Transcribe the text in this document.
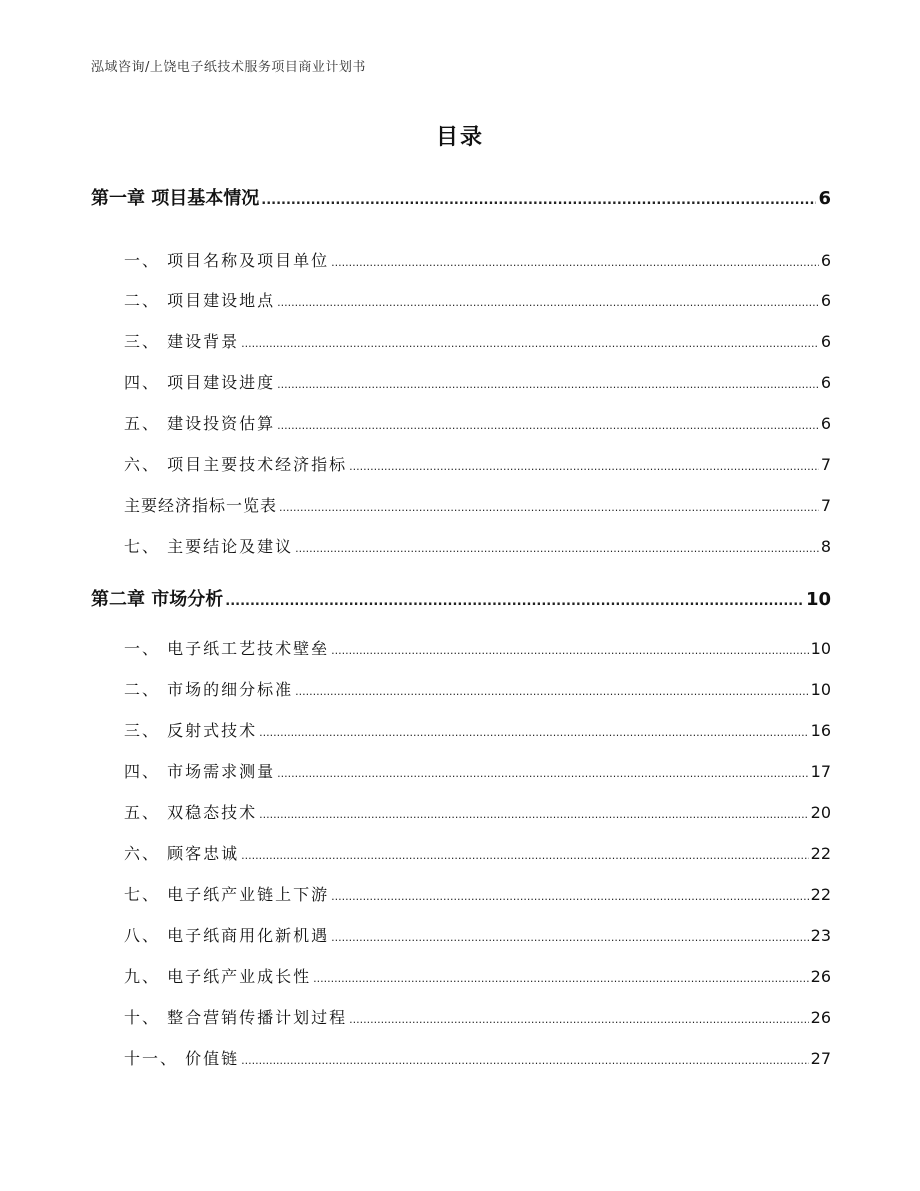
泓域咨询/上饶电子纸技术服务项目商业计划书
目录
第一章 项目基本情况 .....	6
一、 项目名称及项目单位 .....	6
二、 项目建设地点 .....	6
三、 建设背景 .....	6
四、 项目建设进度 .....	6
五、 建设投资估算 .....	6
六、 项目主要技术经济指标 .....	7
主要经济指标一览表 .....	7
七、 主要结论及建议 .....	8
第二章 市场分析 .....	10
一、 电子纸工艺技术壁垒 .....	10
二、 市场的细分标准 .....	10
三、 反射式技术 .....	16
四、 市场需求测量 .....	17
五、 双稳态技术 .....	20
六、 顾客忠诚 .....	22
七、 电子纸产业链上下游 .....	22
八、 电子纸商用化新机遇 .....	23
九、 电子纸产业成长性 .....	26
十、 整合营销传播计划过程 .....	26
十一、 价值链 .....	27
